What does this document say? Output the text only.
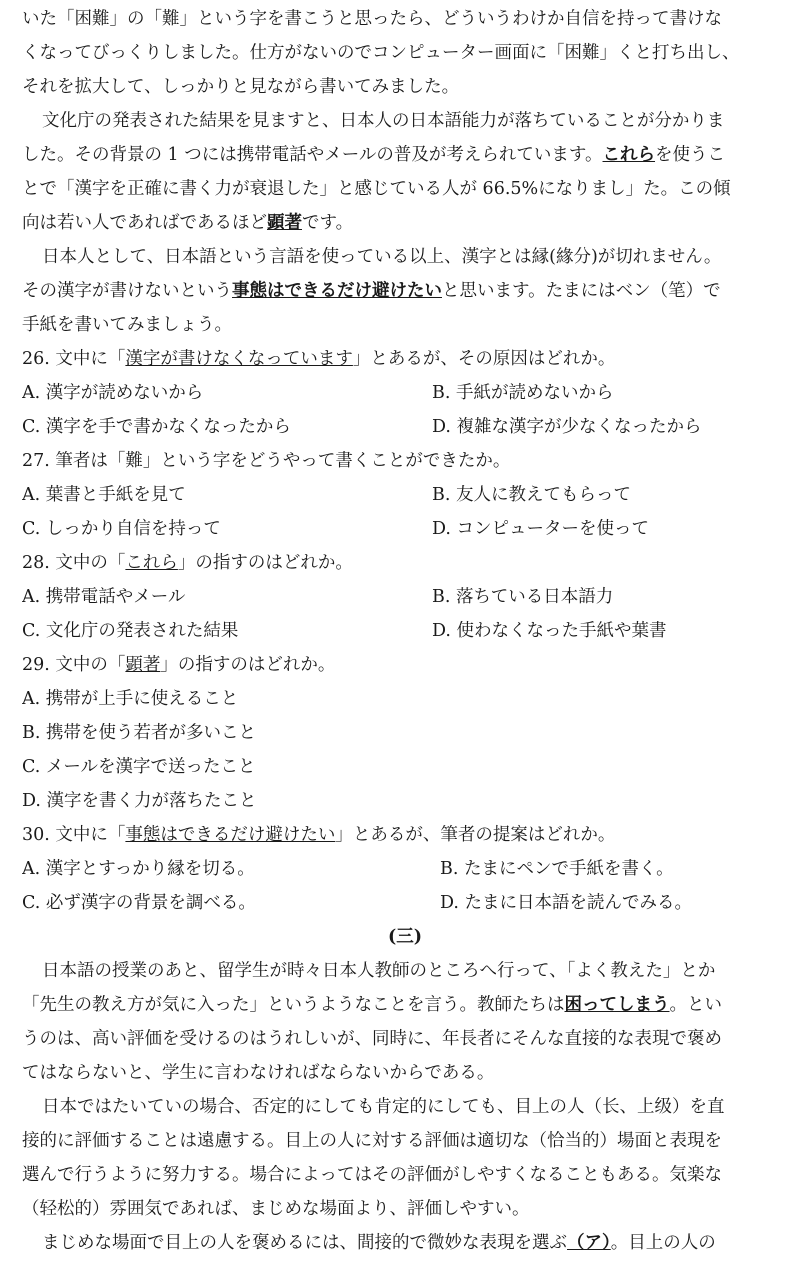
いた「困難」の「難」という字を書こうと思ったら、どういうわけか自信を持って書けな
くなってびっくりしました。仕方がないのでコンピューター画面に「困難」くと打ち出し、
それを拡大して、しっかりと見ながら書いてみました。
文化庁の発表された結果を見ますと、日本人の日本語能力が落ちていることが分かりま
した。その背景の 1 つには携帯電話やメールの普及が考えられています。これらを使うこ
とで「漢字を正確に書く力が衰退した」と感じている人が 66.5%になりまし」た。この傾
向は若い人であればであるほど顕著です。
日本人として、日本語という言語を使っている以上、漢字とは縁(緣分)が切れません。
その漢字が書けないという事態はできるだけ避けたいと思います。たまにはベン（笔）で
手紙を書いてみましょう。
26. 文中に「漢字が書けなくなっています」とあるが、その原因はどれか。
A. 漢字が読めないから	B. 手紙が読めないから
C. 漢字を手で書かなくなったから	D. 複雑な漢字が少なくなったから
27. 筆者は「難」という字をどうやって書くことができたか。
A. 葉書と手紙を見て	B. 友人に教えてもらって
C. しっかり自信を持って	D. コンピューターを使って
28. 文中の「これら」の指すのはどれか。
A. 携帯電話やメール	B. 落ちている日本語力
C. 文化庁の発表された結果	D. 使わなくなった手紙や葉書
29. 文中の「顕著」の指すのはどれか。
A. 携帯が上手に使えること
B. 携帯を使う若者が多いこと
C. メールを漢字で送ったこと
D. 漢字を書く力が落ちたこと
30. 文中に「事態はできるだけ避けたい」とあるが、筆者の提案はどれか。
A. 漢字とすっかり縁を切る。	B. たまにペンで手紙を書く。
C. 必ず漢字の背景を調べる。	D. たまに日本語を読んでみる。
(三)
日本語の授業のあと、留学生が時々日本人教師のところへ行って、「よく教えた」とか
「先生の教え方が気に入った」というようなことを言う。教師たちは困ってしまう。とい
うのは、高い評価を受けるのはうれしいが、同時に、年長者にそんな直接的な表現で褒め
てはならないと、学生に言わなければならないからである。
日本ではたいていの場合、否定的にしても肯定的にしても、目上の人（长、上级）を直
接的に評価することは遠慮する。目上の人に対する評価は適切な（恰当的）場面と表現を
選んで行うように努力する。場合によってはその評価がしやすくなることもある。気楽な
（轻松的）雰囲気であれば、まじめな場面より、評価しやすい。
まじめな場面で目上の人を褒めるには、間接的で微妙な表現を選ぶ（ア）。目上の人の
